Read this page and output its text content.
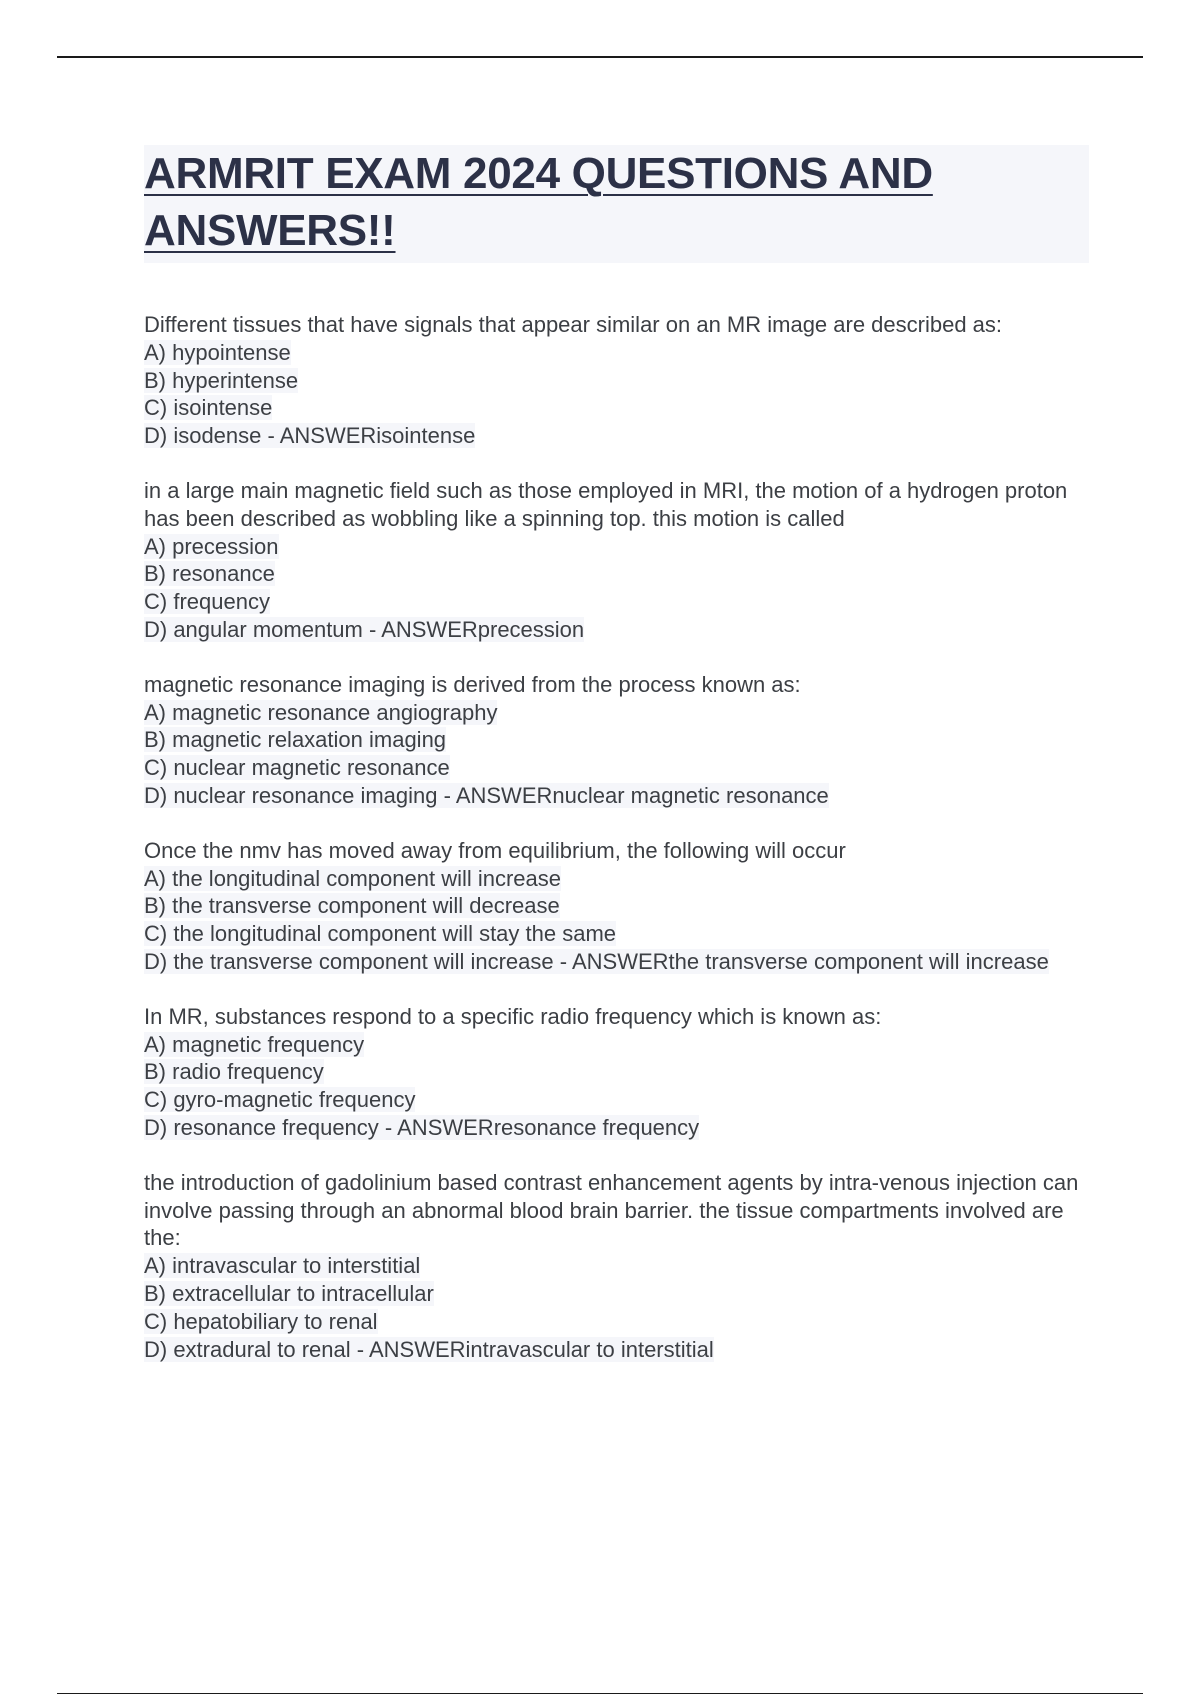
ARMRIT EXAM 2024 QUESTIONS AND
ANSWERS!!
Different tissues that have signals that appear similar on an MR image are described as:
A) hypointense
B) hyperintense
C) isointense
D) isodense - ANSWERisointense
in a large main magnetic field such as those employed in MRI, the motion of a hydrogen proton has been described as wobbling like a spinning top. this motion is called
A) precession
B) resonance
C) frequency
D) angular momentum - ANSWERprecession
magnetic resonance imaging is derived from the process known as:
A) magnetic resonance angiography
B) magnetic relaxation imaging
C) nuclear magnetic resonance
D) nuclear resonance imaging - ANSWERnuclear magnetic resonance
Once the nmv has moved away from equilibrium, the following will occur
A) the longitudinal component will increase
B) the transverse component will decrease
C) the longitudinal component will stay the same
D) the transverse component will increase - ANSWERthe transverse component will increase
In MR, substances respond to a specific radio frequency which is known as:
A) magnetic frequency
B) radio frequency
C) gyro-magnetic frequency
D) resonance frequency - ANSWERresonance frequency
the introduction of gadolinium based contrast enhancement agents by intra-venous injection can involve passing through an abnormal blood brain barrier. the tissue compartments involved are the:
A) intravascular to interstitial
B) extracellular to intracellular
C) hepatobiliary to renal
D) extradural to renal - ANSWERintravascular to interstitial
